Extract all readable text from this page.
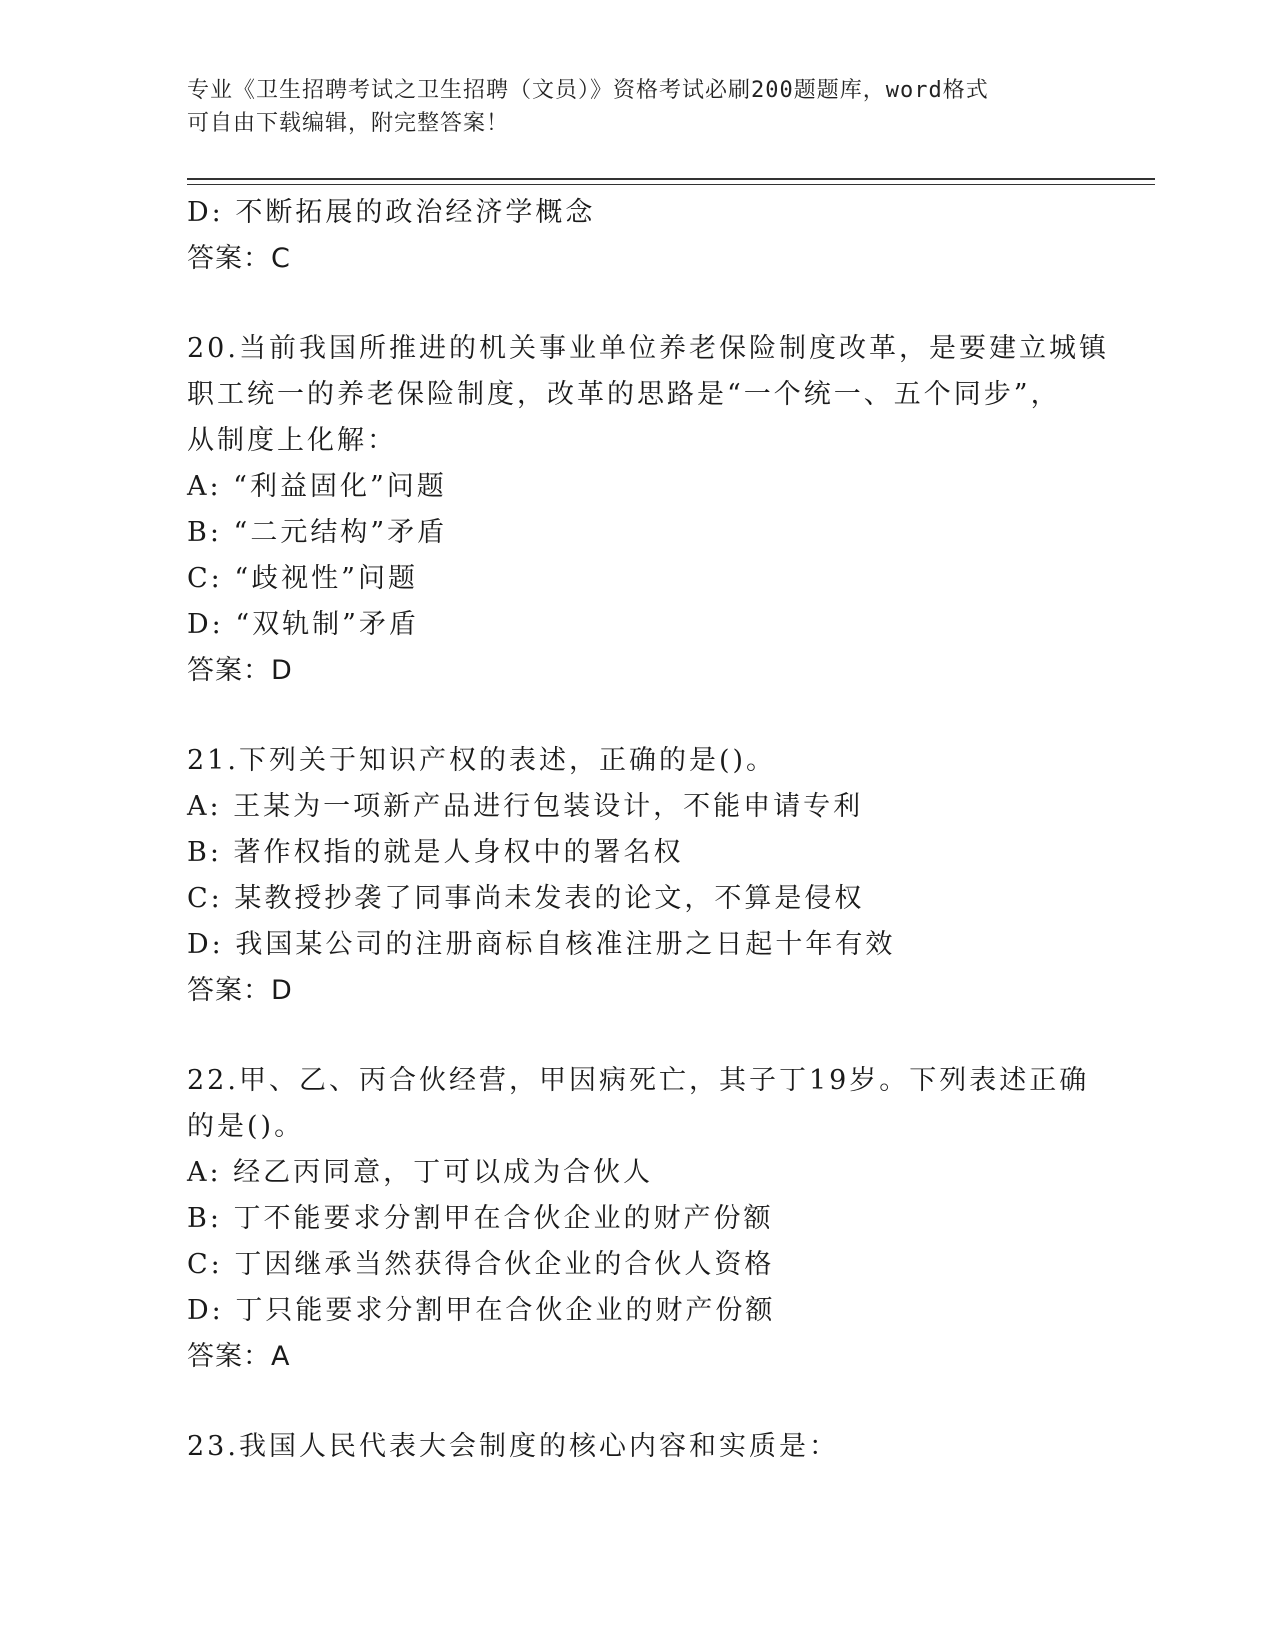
专业《卫生招聘考试之卫生招聘（文员）》资格考试必刷200题题库，word格式
可自由下载编辑，附完整答案！
D: 不断拓展的政治经济学概念
答案：C
20.当前我国所推进的机关事业单位养老保险制度改革，是要建立城镇
职工统一的养老保险制度，改革的思路是“一个统一、五个同步”，
从制度上化解：
A: “利益固化”问题
B: “二元结构”矛盾
C: “歧视性”问题
D: “双轨制”矛盾
答案：D
21.下列关于知识产权的表述，正确的是()。
A: 王某为一项新产品进行包装设计，不能申请专利
B: 著作权指的就是人身权中的署名权
C: 某教授抄袭了同事尚未发表的论文，不算是侵权
D: 我国某公司的注册商标自核准注册之日起十年有效
答案：D
22.甲、乙、丙合伙经营，甲因病死亡，其子丁19岁。下列表述正确
的是()。
A: 经乙丙同意，丁可以成为合伙人
B: 丁不能要求分割甲在合伙企业的财产份额
C: 丁因继承当然获得合伙企业的合伙人资格
D: 丁只能要求分割甲在合伙企业的财产份额
答案：A
23.我国人民代表大会制度的核心内容和实质是：
